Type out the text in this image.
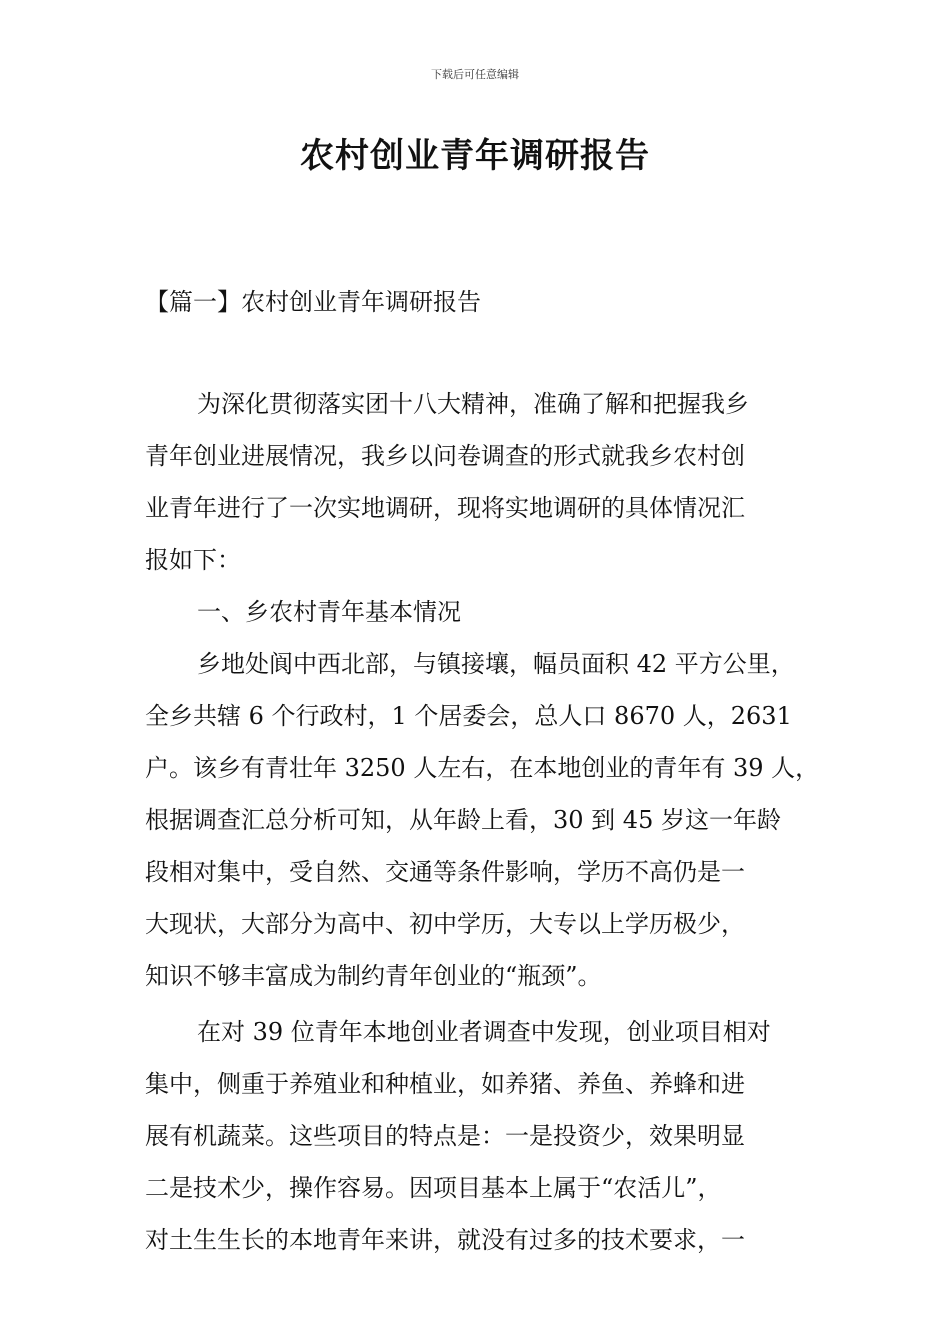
下载后可任意编辑
农村创业青年调研报告
【篇一】农村创业青年调研报告

为深化贯彻落实团十八大精神，准确了解和把握我乡
青年创业进展情况，我乡以问卷调查的形式就我乡农村创
业青年进行了一次实地调研，现将实地调研的具体情况汇
报如下：

一、乡农村青年基本情况

乡地处阆中西北部，与镇接壤，幅员面积 42 平方公里，
全乡共辖 6 个行政村，1 个居委会，总人口 8670 人，2631
户。该乡有青壮年 3250 人左右，在本地创业的青年有 39 人，
根据调查汇总分析可知，从年龄上看，30 到 45 岁这一年龄
段相对集中，受自然、交通等条件影响，学历不高仍是一
大现状，大部分为高中、初中学历，大专以上学历极少，
知识不够丰富成为制约青年创业的“瓶颈”。

在对 39 位青年本地创业者调查中发现，创业项目相对
集中，侧重于养殖业和种植业，如养猪、养鱼、养蜂和进
展有机蔬菜。这些项目的特点是：一是投资少，效果明显
二是技术少，操作容易。因项目基本上属于“农活儿”，
对土生生长的本地青年来讲，就没有过多的技术要求，一
